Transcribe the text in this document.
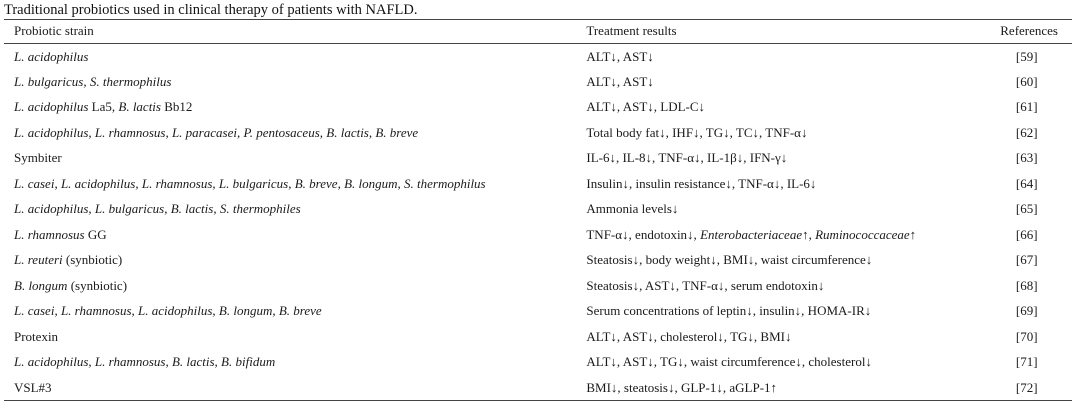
Traditional probiotics used in clinical therapy of patients with NAFLD.
Probiotic strain	Treatment results	References
L. acidophilus	ALT↓, AST↓	[59]
L. bulgaricus, S. thermophilus	ALT↓, AST↓	[60]
L. acidophilus La5, B. lactis Bb12	ALT↓, AST↓, LDL-C↓	[61]
L. acidophilus, L. rhamnosus, L. paracasei, P. pentosaceus, B. lactis, B. breve	Total body fat↓, IHF↓, TG↓, TC↓, TNF-α↓	[62]
Symbiter	IL-6↓, IL-8↓, TNF-α↓, IL-1β↓, IFN-γ↓	[63]
L. casei, L. acidophilus, L. rhamnosus, L. bulgaricus, B. breve, B. longum, S. thermophilus	Insulin↓, insulin resistance↓, TNF-α↓, IL-6↓	[64]
L. acidophilus, L. bulgaricus, B. lactis, S. thermophiles	Ammonia levels↓	[65]
L. rhamnosus GG	TNF-α↓, endotoxin↓, Enterobacteriaceae↑, Ruminococcaceae↑	[66]
L. reuteri (synbiotic)	Steatosis↓, body weight↓, BMI↓, waist circumference↓	[67]
B. longum (synbiotic)	Steatosis↓, AST↓, TNF-α↓, serum endotoxin↓	[68]
L. casei, L. rhamnosus, L. acidophilus, B. longum, B. breve	Serum concentrations of leptin↓, insulin↓, HOMA-IR↓	[69]
Protexin	ALT↓, AST↓, cholesterol↓, TG↓, BMI↓	[70]
L. acidophilus, L. rhamnosus, B. lactis, B. bifidum	ALT↓, AST↓, TG↓, waist circumference↓, cholesterol↓	[71]
VSL#3	BMI↓, steatosis↓, GLP-1↓, aGLP-1↑	[72]
